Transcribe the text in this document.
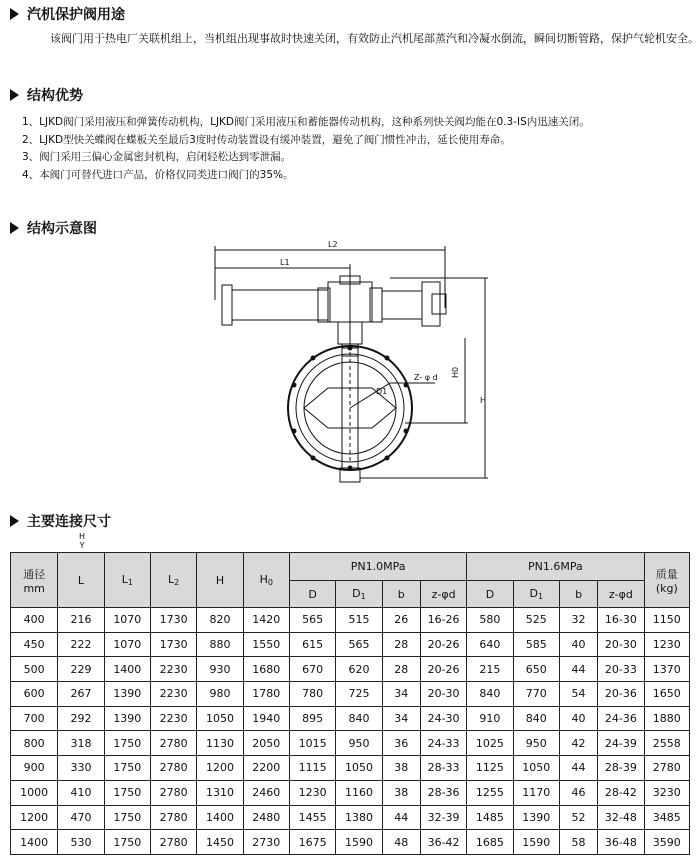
汽机保护阀用途
该阀门用于热电厂关联机组上，当机组出现事故时快速关闭，有效防止汽机尾部蒸汽和冷凝水倒流，瞬间切断管路，保护气轮机安全。
结构优势
1、LJKD阀门采用液压和弹簧传动机构，LJKD阀门采用液压和蓄能器传动机构，这种系列快关阀均能在0.3-IS内迅速关闭。
2、LJKD型快关蝶阀在蝶板关至最后3度时传动装置设有缓冲装置，避免了阀门惯性冲击，延长使用寿命。
3、阀门采用三偏心金属密封机构，启闭轻松达到零泄漏。
4、本阀门可替代进口产品，价格仅同类进口阀门的35%。
结构示意图
L2
L1
H0
H
Z- φ d
D1
主要连接尺寸
H
Y
通径
mm	L	$L_1$	$L_2$	H	$H_0$	PN1.0MPa				PN1.6MPa				质量
(kg)
						D	$D_1$	b	z-φd	D	$D_1$	b	z-φd	
400	216	1070	1730	820	1420	565	515	26	16-26	580	525	32	16-30	1150
450	222	1070	1730	880	1550	615	565	28	20-26	640	585	40	20-30	1230
500	229	1400	2230	930	1680	670	620	28	20-26	215	650	44	20-33	1370
600	267	1390	2230	980	1780	780	725	34	20-30	840	770	54	20-36	1650
700	292	1390	2230	1050	1940	895	840	34	24-30	910	840	40	24-36	1880
800	318	1750	2780	1130	2050	1015	950	36	24-33	1025	950	42	24-39	2558
900	330	1750	2780	1200	2200	1115	1050	38	28-33	1125	1050	44	28-39	2780
1000	410	1750	2780	1310	2460	1230	1160	38	28-36	1255	1170	46	28-42	3230
1200	470	1750	2780	1400	2480	1455	1380	44	32-39	1485	1390	52	32-48	3485
1400	530	1750	2780	1450	2730	1675	1590	48	36-42	1685	1590	58	36-48	3590
